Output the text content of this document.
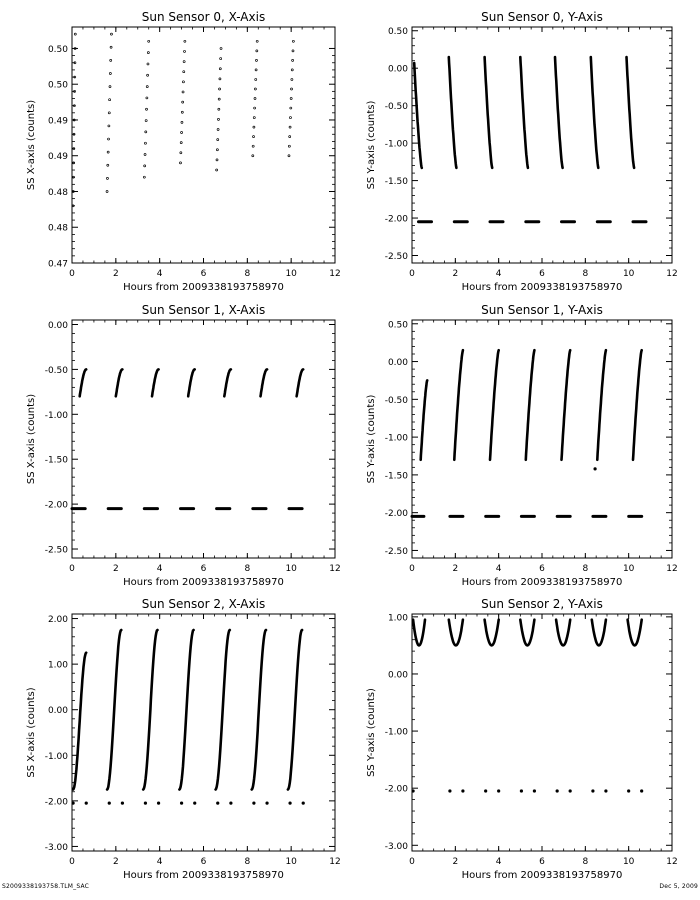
Sun Sensor 0, X-Axis
Hours from 2009338193758970
SS X-axis (counts)
0	2	4	6	8	10	12
0.47
0.48
0.48
0.49
0.49
0.50
0.50
Sun Sensor 0, Y-Axis
Hours from 2009338193758970
SS Y-axis (counts)
0	2	4	6	8	10	12
-2.50
-2.00
-1.50
-1.00
-0.50
0.00
0.50
Sun Sensor 1, X-Axis
Hours from 2009338193758970
SS X-axis (counts)
0	2	4	6	8	10	12
-2.50
-2.00
-1.50
-1.00
-0.50
0.00
Sun Sensor 1, Y-Axis
Hours from 2009338193758970
SS Y-axis (counts)
0	2	4	6	8	10	12
-2.50
-2.00
-1.50
-1.00
-0.50
0.00
0.50
Sun Sensor 2, X-Axis
Hours from 2009338193758970
SS X-axis (counts)
0	2	4	6	8	10	12
-3.00
-2.00
-1.00
0.00
1.00
2.00
Sun Sensor 2, Y-Axis
Hours from 2009338193758970
SS Y-axis (counts)
0	2	4	6	8	10	12
-3.00
-2.00
-1.00
0.00
1.00
S2009338193758.TLM_SAC	Dec 5, 2009
